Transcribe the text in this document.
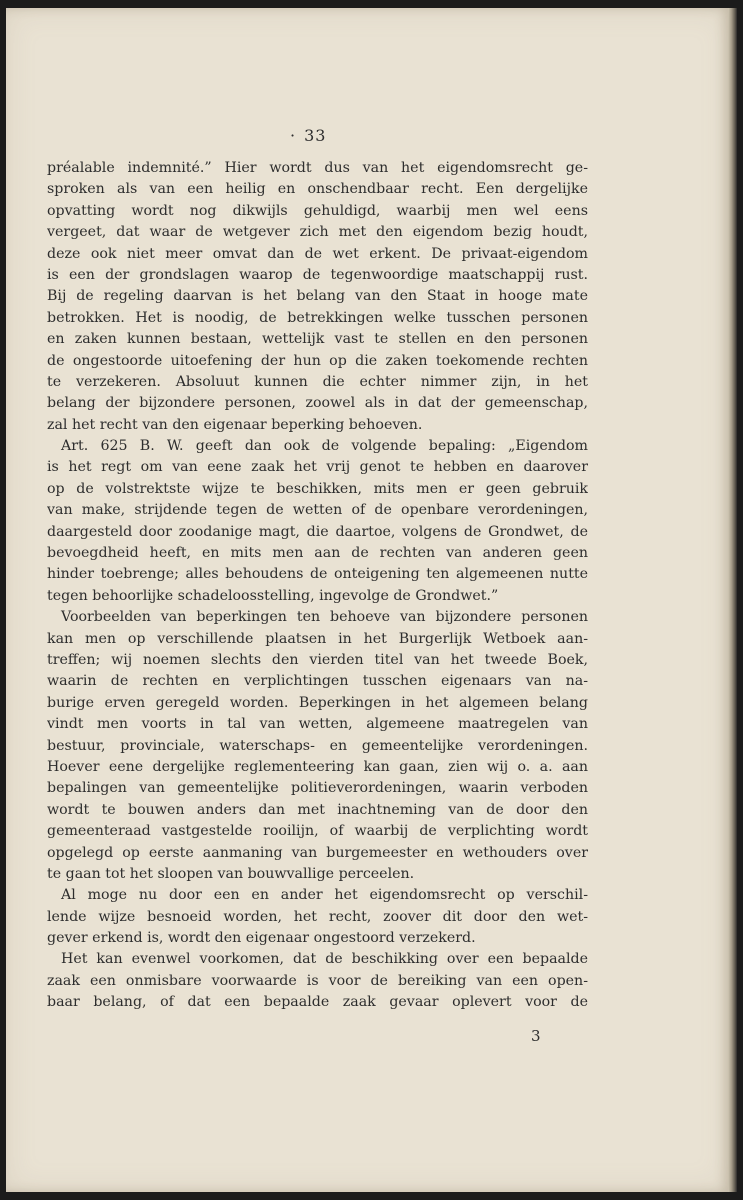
· 33
préalable indemnité.” Hier wordt dus van het eigendomsrecht ge-
sproken als van een heilig en onschendbaar recht. Een dergelijke
opvatting wordt nog dikwijls gehuldigd, waarbij men wel eens
vergeet, dat waar de wetgever zich met den eigendom bezig houdt,
deze ook niet meer omvat dan de wet erkent. De privaat-eigendom
is een der grondslagen waarop de tegenwoordige maatschappij rust.
Bij de regeling daarvan is het belang van den Staat in hooge mate
betrokken. Het is noodig, de betrekkingen welke tusschen personen
en zaken kunnen bestaan, wettelijk vast te stellen en den personen
de ongestoorde uitoefening der hun op die zaken toekomende rechten
te verzekeren. Absoluut kunnen die echter nimmer zijn, in het
belang der bijzondere personen, zoowel als in dat der gemeenschap,
zal het recht van den eigenaar beperking behoeven.
Art. 625 B. W. geeft dan ook de volgende bepaling: „Eigendom
is het regt om van eene zaak het vrij genot te hebben en daarover
op de volstrektste wijze te beschikken, mits men er geen gebruik
van make, strijdende tegen de wetten of de openbare verordeningen,
daargesteld door zoodanige magt, die daartoe, volgens de Grondwet, de
bevoegdheid heeft, en mits men aan de rechten van anderen geen
hinder toebrenge; alles behoudens de onteigening ten algemeenen nutte
tegen behoorlijke schadeloosstelling, ingevolge de Grondwet.”
Voorbeelden van beperkingen ten behoeve van bijzondere personen
kan men op verschillende plaatsen in het Burgerlijk Wetboek aan-
treffen; wij noemen slechts den vierden titel van het tweede Boek,
waarin de rechten en verplichtingen tusschen eigenaars van na-
burige erven geregeld worden. Beperkingen in het algemeen belang
vindt men voorts in tal van wetten, algemeene maatregelen van
bestuur, provinciale, waterschaps- en gemeentelijke verordeningen.
Hoever eene dergelijke reglementeering kan gaan, zien wij o. a. aan
bepalingen van gemeentelijke politieverordeningen, waarin verboden
wordt te bouwen anders dan met inachtneming van de door den
gemeenteraad vastgestelde rooilijn, of waarbij de verplichting wordt
opgelegd op eerste aanmaning van burgemeester en wethouders over
te gaan tot het sloopen van bouwvallige perceelen.
Al moge nu door een en ander het eigendomsrecht op verschil-
lende wijze besnoeid worden, het recht, zoover dit door den wet-
gever erkend is, wordt den eigenaar ongestoord verzekerd.
Het kan evenwel voorkomen, dat de beschikking over een bepaalde
zaak een onmisbare voorwaarde is voor de bereiking van een open-
baar belang, of dat een bepaalde zaak gevaar oplevert voor de
3
